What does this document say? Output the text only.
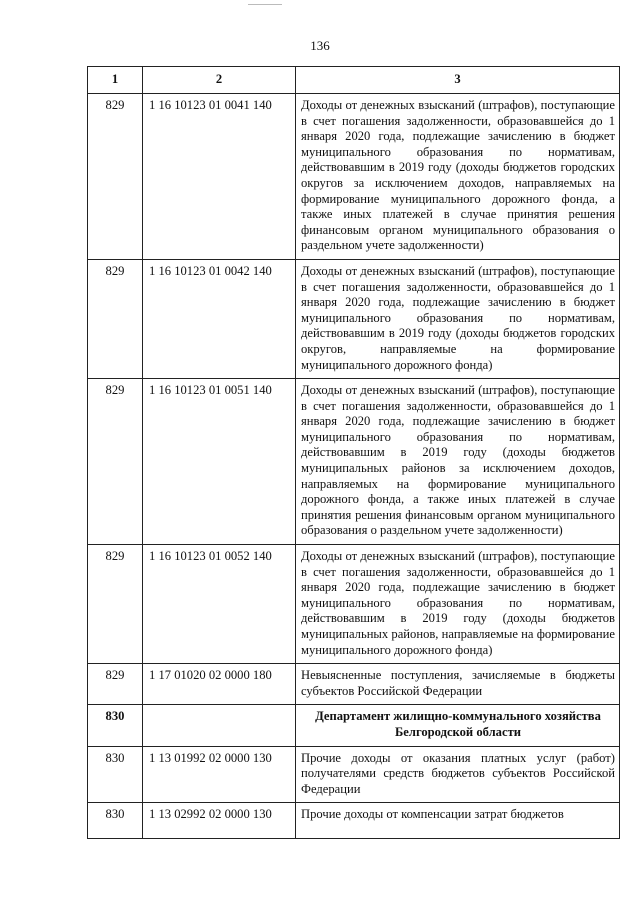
136
1	2	3
829	1 16 10123 01 0041 140	Доходы от денежных взысканий (штрафов), поступающие в счет погашения задолженности, образовавшейся до 1 января 2020 года, подлежащие зачислению в бюджет муниципального образования по нормативам, действовавшим в 2019 году (доходы бюджетов городских округов за исключением доходов, направляемых на формирование муниципального дорожного фонда, а также иных платежей в случае принятия решения финансовым органом муниципального образования о раздельном учете задолженности)
829	1 16 10123 01 0042 140	Доходы от денежных взысканий (штрафов), поступающие в счет погашения задолженности, образовавшейся до 1 января 2020 года, подлежащие зачислению в бюджет муниципального образования по нормативам, действовавшим в 2019 году (доходы бюджетов городских округов, направляемые на формирование муниципального дорожного фонда)
829	1 16 10123 01 0051 140	Доходы от денежных взысканий (штрафов), поступающие в счет погашения задолженности, образовавшейся до 1 января 2020 года, подлежащие зачислению в бюджет муниципального образования по нормативам, действовавшим в 2019 году (доходы бюджетов муниципальных районов за исключением доходов, направляемых на формирование муниципального дорожного фонда, а также иных платежей в случае принятия решения финансовым органом муниципального образования о раздельном учете задолженности)
829	1 16 10123 01 0052 140	Доходы от денежных взысканий (штрафов), поступающие в счет погашения задолженности, образовавшейся до 1 января 2020 года, подлежащие зачислению в бюджет муниципального образования по нормативам, действовавшим в 2019 году (доходы бюджетов муниципальных районов, направляемые на формирование муниципального дорожного фонда)
829	1 17 01020 02 0000 180	Невыясненные поступления, зачисляемые в бюджеты субъектов Российской Федерации
830		Департамент жилищно-коммунального хозяйства Белгородской области
830	1 13 01992 02 0000 130	Прочие доходы от оказания платных услуг (работ) получателями средств бюджетов субъектов Российской Федерации
830	1 13 02992 02 0000 130	Прочие доходы от компенсации затрат бюджетов
